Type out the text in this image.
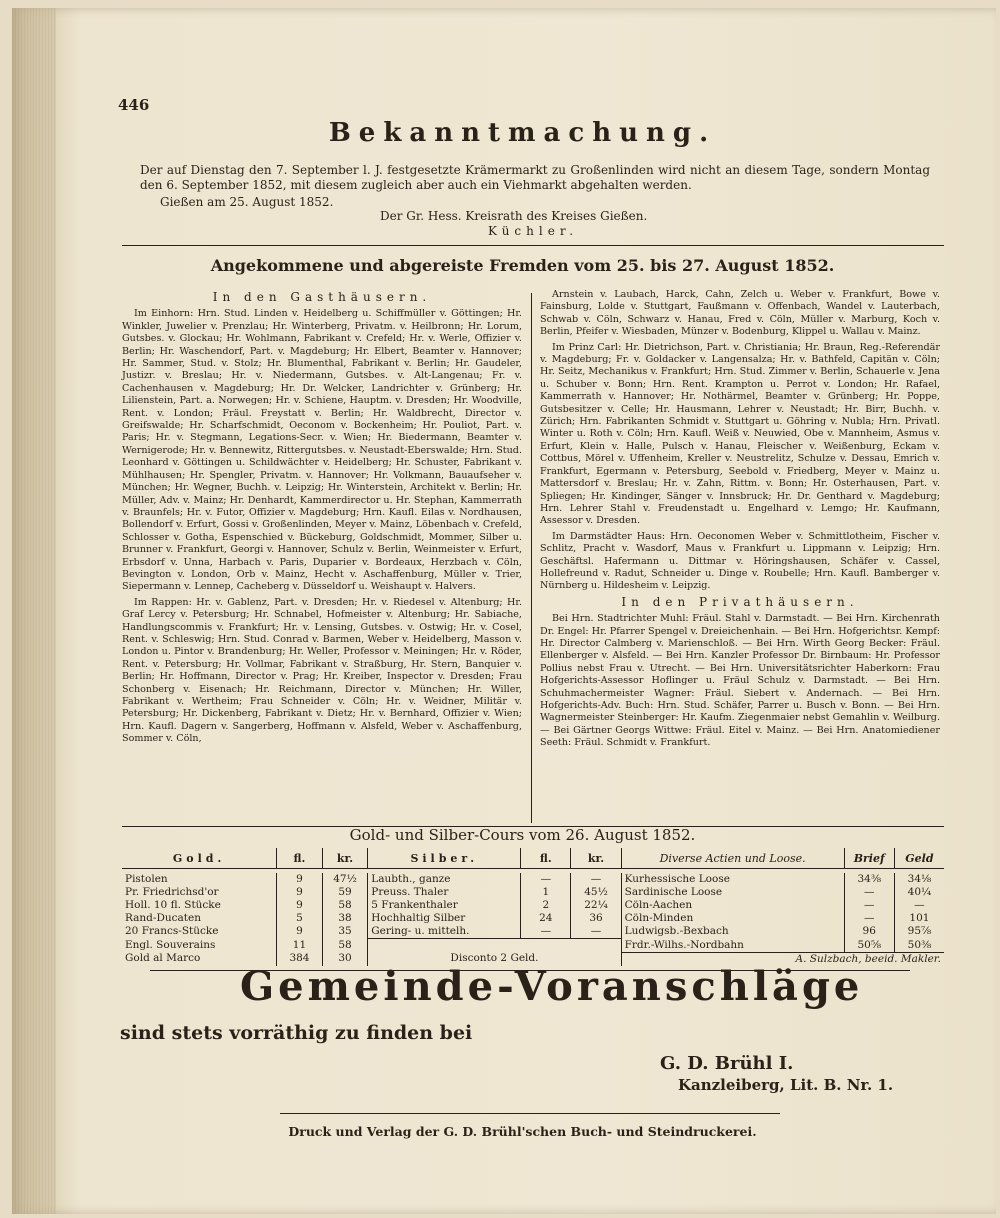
446
Bekanntmachung.
Der auf Dienstag den 7. September l. J. festgesetzte Krämermarkt zu Großenlinden wird nicht an diesem Tage, sondern Montag den 6. September 1852, mit diesem zugleich aber auch ein Viehmarkt abgehalten werden.
Gießen am 25. August 1852.
Der Gr. Hess. Kreisrath des Kreises Gießen.
Küchler.
Angekommene und abgereiste Fremden vom 25. bis 27. August 1852.

In den Gasthäusern.

Im Einhorn: Hrn. Stud. Linden v. Heidelberg u. Schiffmüller v. Göttingen; Hr. Winkler, Juwelier v. Prenzlau; Hr. Winterberg, Privatm. v. Heilbronn; Hr. Lorum, Gutsbes. v. Glockau; Hr. Wohlmann, Fabrikant v. Crefeld; Hr. v. Werle, Offizier v. Berlin; Hr. Waschendorf, Part. v. Magdeburg; Hr. Elbert, Beamter v. Hannover; Hr. Sammer, Stud. v. Stolz; Hr. Blumenthal, Fabrikant v. Berlin; Hr. Gaudeler, Justizr. v. Breslau; Hr. v. Niedermann, Gutsbes. v. Alt-Langenau; Fr. v. Cachenhausen v. Magdeburg; Hr. Dr. Welcker, Landrichter v. Grünberg; Hr. Lilienstein, Part. a. Norwegen; Hr. v. Schiene, Hauptm. v. Dresden; Hr. Woodville, Rent. v. London; Fräul. Freystatt v. Berlin; Hr. Waldbrecht, Director v. Greifswalde; Hr. Scharfschmidt, Oeconom v. Bockenheim; Hr. Pouliot, Part. v. Paris; Hr. v. Stegmann, Legations-Secr. v. Wien; Hr. Biedermann, Beamter v. Wernigerode; Hr. v. Bennewitz, Rittergutsbes. v. Neustadt-Eberswalde; Hrn. Stud. Leonhard v. Göttingen u. Schildwächter v. Heidelberg; Hr. Schuster, Fabrikant v. Mühlhausen; Hr. Spengler, Privatm. v. Hannover; Hr. Volkmann, Bauaufseher v. München; Hr. Wegner, Buchh. v. Leipzig; Hr. Winterstein, Architekt v. Berlin; Hr. Müller, Adv. v. Mainz; Hr. Denhardt, Kammerdirector u. Hr. Stephan, Kammerrath v. Braunfels; Hr. v. Futor, Offizier v. Magdeburg; Hrn. Kaufl. Eilas v. Nordhausen, Bollendorf v. Erfurt, Gossi v. Großenlinden, Meyer v. Mainz, Löbenbach v. Crefeld, Schlosser v. Gotha, Espenschied v. Bückeburg, Goldschmidt, Mommer, Silber u. Brunner v. Frankfurt, Georgi v. Hannover, Schulz v. Berlin, Weinmeister v. Erfurt, Erbsdorf v. Unna, Harbach v. Paris, Duparier v. Bordeaux, Herzbach v. Cöln, Bevington v. London, Orb v. Mainz, Hecht v. Aschaffenburg, Müller v. Trier, Siepermann v. Lennep, Cacheberg v. Düsseldorf u. Weishaupt v. Halvers.

Im Rappen: Hr. v. Gablenz, Part. v. Dresden; Hr. v. Riedesel v. Altenburg; Hr. Graf Lercy v. Petersburg; Hr. Schnabel, Hofmeister v. Altenburg; Hr. Sabiache, Handlungscommis v. Frankfurt; Hr. v. Lensing, Gutsbes. v. Ostwig; Hr. v. Cosel, Rent. v. Schleswig; Hrn. Stud. Conrad v. Barmen, Weber v. Heidelberg, Masson v. London u. Pintor v. Brandenburg; Hr. Weller, Professor v. Meiningen; Hr. v. Röder, Rent. v. Petersburg; Hr. Vollmar, Fabrikant v. Straßburg, Hr. Stern, Banquier v. Berlin; Hr. Hoffmann, Director v. Prag; Hr. Kreiber, Inspector v. Dresden; Frau Schonberg v. Eisenach; Hr. Reichmann, Director v. München; Hr. Willer, Fabrikant v. Wertheim; Frau Schneider v. Cöln; Hr. v. Weidner, Militär v. Petersburg; Hr. Dickenberg, Fabrikant v. Dietz; Hr. v. Bernhard, Offizier v. Wien; Hrn. Kaufl. Dagern v. Sangerberg, Hoffmann v. Alsfeld, Weber v. Aschaffenburg, Sommer v. Cöln,

Arnstein v. Laubach, Harck, Cahn, Zelch u. Weber v. Frankfurt, Bowe v. Fainsburg, Lolde v. Stuttgart, Faußmann v. Offenbach, Wandel v. Lauterbach, Schwab v. Cöln, Schwarz v. Hanau, Fred v. Cöln, Müller v. Marburg, Koch v. Berlin, Pfeifer v. Wiesbaden, Münzer v. Bodenburg, Klippel u. Wallau v. Mainz.

Im Prinz Carl: Hr. Dietrichson, Part. v. Christiania; Hr. Braun, Reg.-Referendär v. Magdeburg; Fr. v. Goldacker v. Langensalza; Hr. v. Bathfeld, Capitän v. Cöln; Hr. Seitz, Mechanikus v. Frankfurt; Hrn. Stud. Zimmer v. Berlin, Schauerle v. Jena u. Schuber v. Bonn; Hrn. Rent. Krampton u. Perrot v. London; Hr. Rafael, Kammerrath v. Hannover; Hr. Nothärmel, Beamter v. Grünberg; Hr. Poppe, Gutsbesitzer v. Celle; Hr. Hausmann, Lehrer v. Neustadt; Hr. Birr, Buchh. v. Zürich; Hrn. Fabrikanten Schmidt v. Stuttgart u. Göhring v. Nubla; Hrn. Privatl. Winter u. Roth v. Cöln; Hrn. Kaufl. Weiß v. Neuwied, Obe v. Mannheim, Asmus v. Erfurt, Klein v. Halle, Pulsch v. Hanau, Fleischer v. Weißenburg, Eckam v. Cottbus, Mörel v. Uffenheim, Kreller v. Neustrelitz, Schulze v. Dessau, Emrich v. Frankfurt, Egermann v. Petersburg, Seebold v. Friedberg, Meyer v. Mainz u. Mattersdorf v. Breslau; Hr. v. Zahn, Rittm. v. Bonn; Hr. Osterhausen, Part. v. Spliegen; Hr. Kindinger, Sänger v. Innsbruck; Hr. Dr. Genthard v. Magdeburg; Hrn. Lehrer Stahl v. Freudenstadt u. Engelhard v. Lemgo; Hr. Kaufmann, Assessor v. Dresden.

Im Darmstädter Haus: Hrn. Oeconomen Weber v. Schmittlotheim, Fischer v. Schlitz, Pracht v. Wasdorf, Maus v. Frankfurt u. Lippmann v. Leipzig; Hrn. Geschäftsl. Hafermann u. Dittmar v. Höringshausen, Schäfer v. Cassel, Hollefreund v. Radut, Schneider u. Dinge v. Roubelle; Hrn. Kaufl. Bamberger v. Nürnberg u. Hildesheim v. Leipzig.

In den Privathäusern.

Bei Hrn. Stadtrichter Muhl: Fräul. Stahl v. Darmstadt. — Bei Hrn. Kirchenrath Dr. Engel: Hr. Pfarrer Spengel v. Dreieichenhain. — Bei Hrn. Hofgerichtsr. Kempf: Hr. Director Calmberg v. Marienschloß. — Bei Hrn. Wirth Georg Becker: Fräul. Ellenberger v. Alsfeld. — Bei Hrn. Kanzler Professor Dr. Birnbaum: Hr. Professor Pollius nebst Frau v. Utrecht. — Bei Hrn. Universitätsrichter Haberkorn: Frau Hofgerichts-Assessor Hoflinger u. Fräul Schulz v. Darmstadt. — Bei Hrn. Schuhmachermeister Wagner: Fräul. Siebert v. Andernach. — Bei Hrn. Hofgerichts-Adv. Buch: Hrn. Stud. Schäfer, Parrer u. Busch v. Bonn. — Bei Hrn. Wagnermeister Steinberger: Hr. Kaufm. Ziegenmaier nebst Gemahlin v. Weilburg. — Bei Gärtner Georgs Wittwe: Fräul. Eitel v. Mainz. — Bei Hrn. Anatomiediener Seeth: Fräul. Schmidt v. Frankfurt.

Gold- und Silber-Cours vom 26. August 1852.
Gold.	fl.	kr.	Silber.	fl.	kr.	Diverse Actien und Loose.	Brief	Geld

Pistolen	9	47½	Laubth., ganze	—	—	Kurhessische Loose	34⅜	34⅛
Pr. Friedrichsd'or	9	59	Preuss. Thaler	1	45½	Sardinische Loose	—	40¼
Holl. 10 fl. Stücke	9	58	5 Frankenthaler	2	22¼	Cöln-Aachen	—	—
Rand-Ducaten	5	38	Hochhaltig Silber	24	36	Cöln-Minden	—	101
20 Francs-Stücke	9	35	Gering- u. mittelh.	—	—	Ludwigsb.-Bexbach	96	95⅞
Engl. Souverains	11	58				Frdr.-Wilhs.-Nordbahn	50⅝	50⅜
Gold al Marco	384	30	Disconto 2 Geld.			A. Sulzbach, beeid. Makler.		
Gemeinde-Voranschläge
sind stets vorräthig zu finden bei
G. D. Brühl I.
Kanzleiberg, Lit. B. Nr. 1.
Druck und Verlag der G. D. Brühl'schen Buch- und Steindruckerei.
